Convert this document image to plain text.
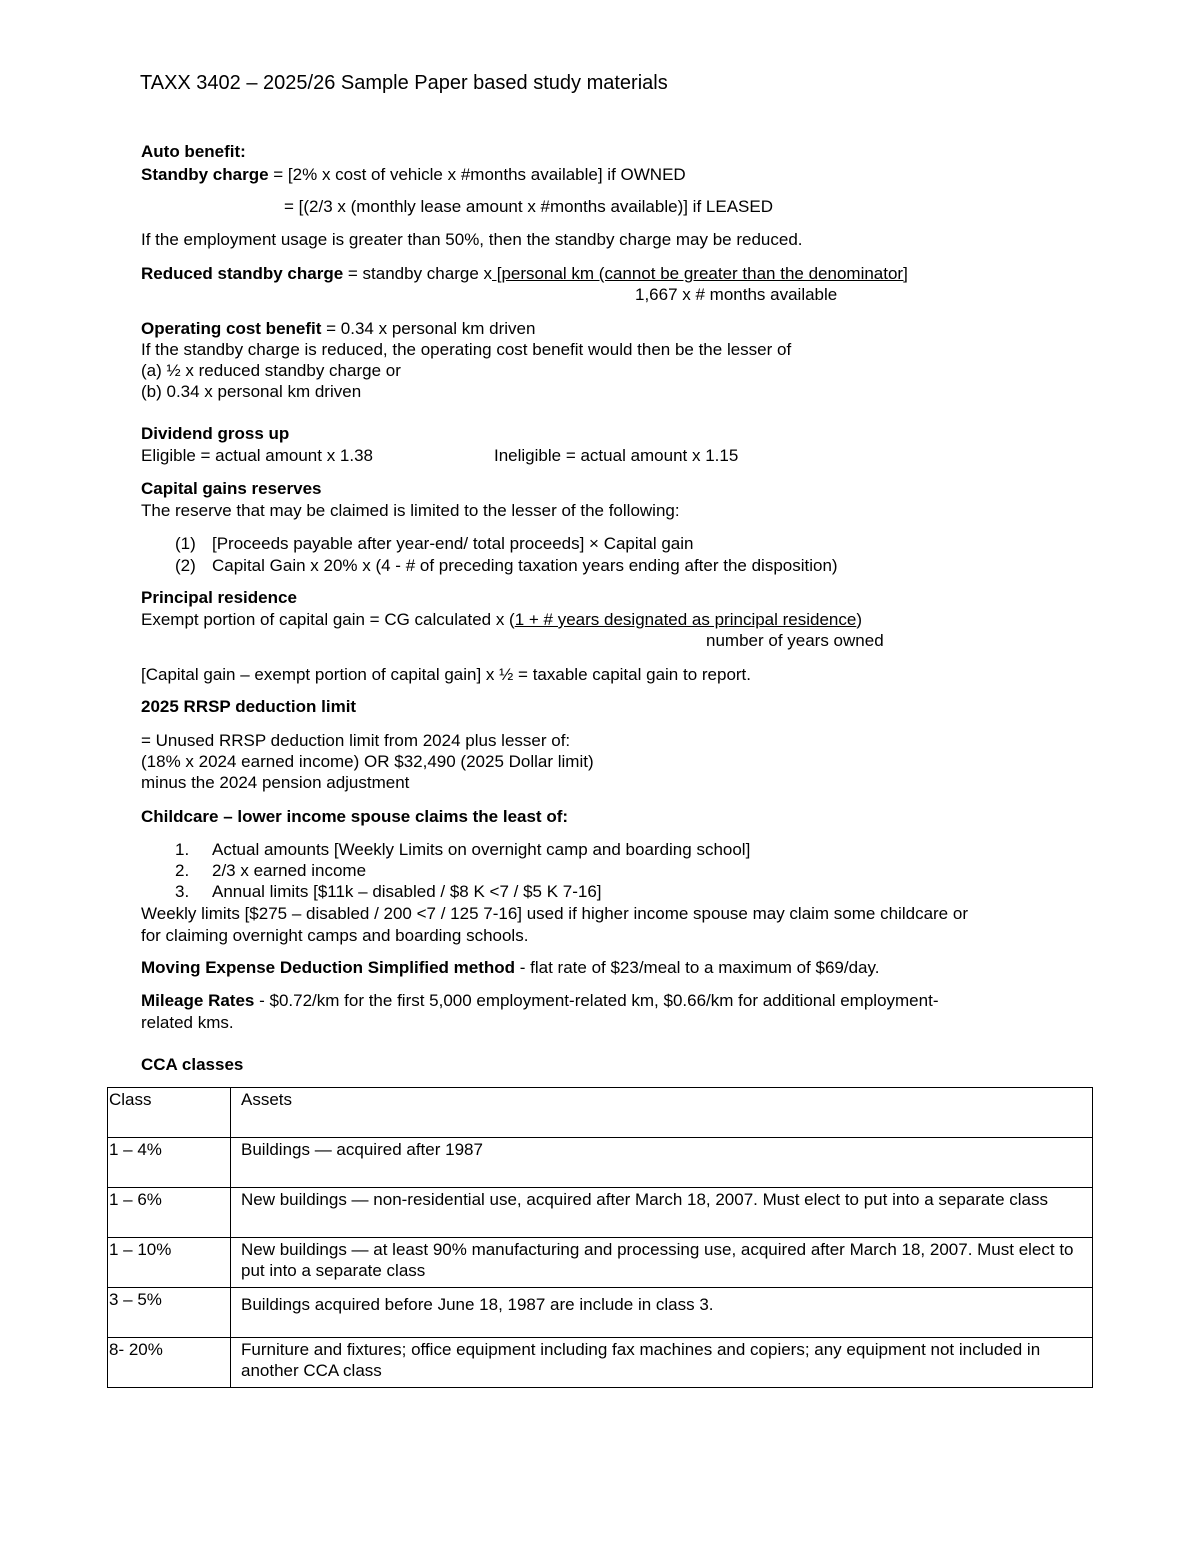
TAXX 3402 – 2025/26 Sample Paper based study materials
Auto benefit:
Standby charge = [2% x cost of vehicle x #months available] if OWNED
= [(2/3 x (monthly lease amount x #months available)] if LEASED
If the employment usage is greater than 50%, then the standby charge may be reduced.
Reduced standby charge = standby charge x [personal km (cannot be greater than the denominator]
1,667 x # months available
Operating cost benefit = 0.34 x personal km driven
If the standby charge is reduced, the operating cost benefit would then be the lesser of
(a) ½ x reduced standby charge or
(b) 0.34 x personal km driven
Dividend gross up
Eligible = actual amount x 1.38	Ineligible = actual amount x 1.15
Capital gains reserves
The reserve that may be claimed is limited to the lesser of the following:
(1) [Proceeds payable after year-end/ total proceeds] × Capital gain
(2) Capital Gain x 20% x (4 - # of preceding taxation years ending after the disposition)
Principal residence
Exempt portion of capital gain = CG calculated x (1 + # years designated as principal residence)
number of years owned
[Capital gain – exempt portion of capital gain] x ½ = taxable capital gain to report.
2025 RRSP deduction limit
= Unused RRSP deduction limit from 2024 plus lesser of:
(18% x 2024 earned income) OR $32,490 (2025 Dollar limit)
minus the 2024 pension adjustment
Childcare – lower income spouse claims the least of:
1. Actual amounts [Weekly Limits on overnight camp and boarding school]
2. 2/3 x earned income
3. Annual limits [$11k – disabled / $8 K <7 / $5 K 7-16]
Weekly limits [$275 – disabled / 200 <7 / 125 7-16] used if higher income spouse may claim some childcare or
for claiming overnight camps and boarding schools.
Moving Expense Deduction Simplified method - flat rate of $23/meal to a maximum of $69/day.
Mileage Rates - $0.72/km for the first 5,000 employment-related km, $0.66/km for additional employment-
related kms.
CCA classes
Class	Assets
1 – 4%	Buildings — acquired after 1987
1 – 6%	New buildings — non-residential use, acquired after March 18, 2007. Must elect to put into a separate class
1 – 10%	New buildings — at least 90% manufacturing and processing use, acquired after March 18, 2007. Must elect to put into a separate class
3 – 5%	Buildings acquired before June 18, 1987 are include in class 3.
8- 20%	Furniture and fixtures; office equipment including fax machines and copiers; any equipment not included in another CCA class
